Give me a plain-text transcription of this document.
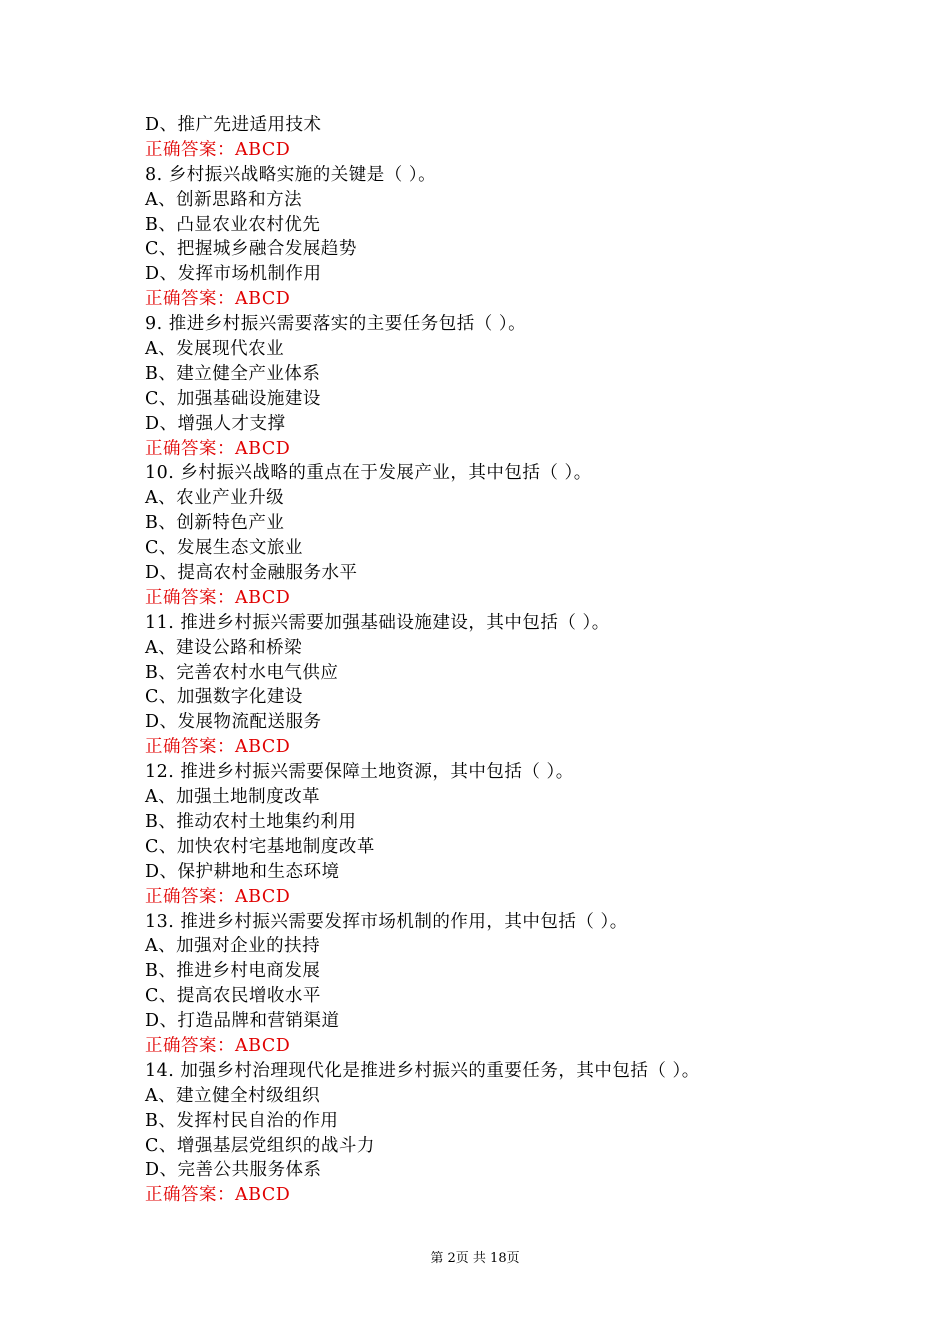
D、推广先进适用技术
正确答案：ABCD
8. 乡村振兴战略实施的关键是（ ）。
A、创新思路和方法
B、凸显农业农村优先
C、把握城乡融合发展趋势
D、发挥市场机制作用
正确答案：ABCD
9. 推进乡村振兴需要落实的主要任务包括（ ）。
A、发展现代农业
B、建立健全产业体系
C、加强基础设施建设
D、增强人才支撑
正确答案：ABCD
10. 乡村振兴战略的重点在于发展产业，其中包括（ ）。
A、农业产业升级
B、创新特色产业
C、发展生态文旅业
D、提高农村金融服务水平
正确答案：ABCD
11. 推进乡村振兴需要加强基础设施建设，其中包括（ ）。
A、建设公路和桥梁
B、完善农村水电气供应
C、加强数字化建设
D、发展物流配送服务
正确答案：ABCD
12. 推进乡村振兴需要保障土地资源，其中包括（ ）。
A、加强土地制度改革
B、推动农村土地集约利用
C、加快农村宅基地制度改革
D、保护耕地和生态环境
正确答案：ABCD
13. 推进乡村振兴需要发挥市场机制的作用，其中包括（ ）。
A、加强对企业的扶持
B、推进乡村电商发展
C、提高农民增收水平
D、打造品牌和营销渠道
正确答案：ABCD
14. 加强乡村治理现代化是推进乡村振兴的重要任务，其中包括（ ）。
A、建立健全村级组织
B、发挥村民自治的作用
C、增强基层党组织的战斗力
D、完善公共服务体系
正确答案：ABCD
第 2页 共 18页
